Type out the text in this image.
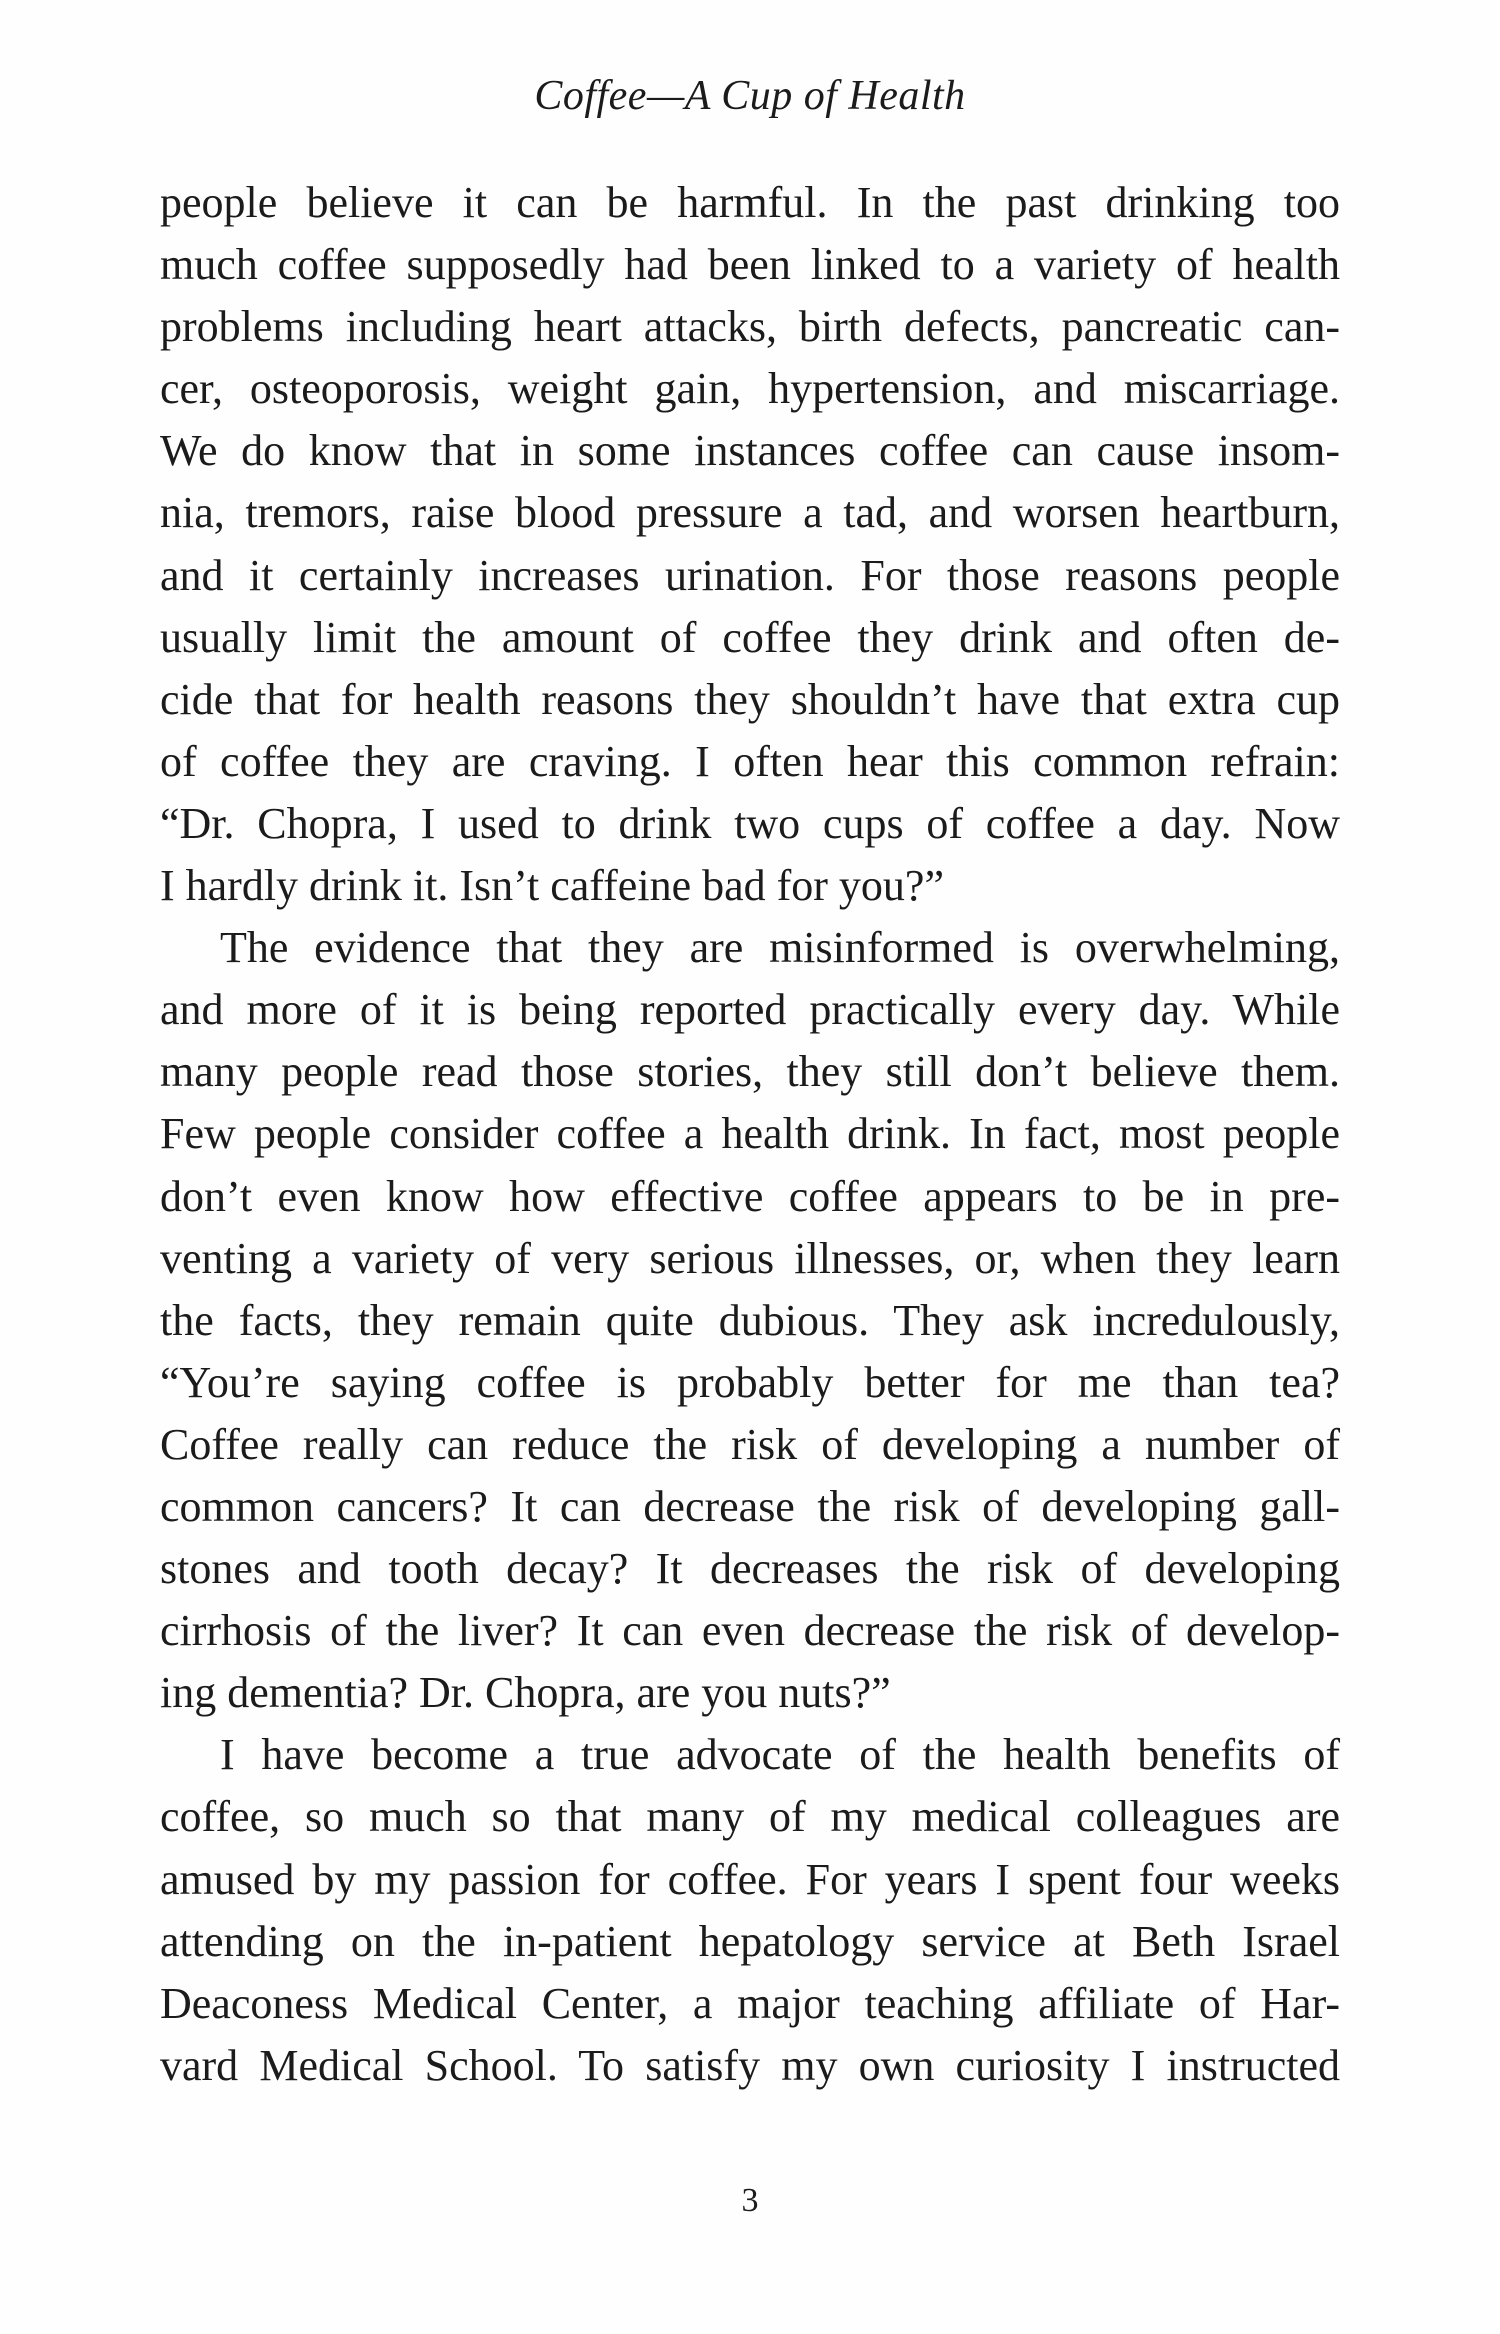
Coffee—A Cup of Health
people believe it can be harmful. In the past drinking too
much coffee supposedly had been linked to a variety of health
problems including heart attacks, birth defects, pancreatic can-
cer, osteoporosis, weight gain, hypertension, and miscarriage.
We do know that in some instances coffee can cause insom-
nia, tremors, raise blood pressure a tad, and worsen heartburn,
and it certainly increases urination. For those reasons people
usually limit the amount of coffee they drink and often de-
cide that for health reasons they shouldn’t have that extra cup
of coffee they are craving. I often hear this common refrain:
“Dr. Chopra, I used to drink two cups of coffee a day. Now
I hardly drink it. Isn’t caffeine bad for you?”
The evidence that they are misinformed is overwhelming,
and more of it is being reported practically every day. While
many people read those stories, they still don’t believe them.
Few people consider coffee a health drink. In fact, most people
don’t even know how effective coffee appears to be in pre-
venting a variety of very serious illnesses, or, when they learn
the facts, they remain quite dubious. They ask incredulously,
“You’re saying coffee is probably better for me than tea?
Coffee really can reduce the risk of developing a number of
common cancers? It can decrease the risk of developing gall-
stones and tooth decay? It decreases the risk of developing
cirrhosis of the liver? It can even decrease the risk of develop-
ing dementia? Dr. Chopra, are you nuts?”
I have become a true advocate of the health benefits of
coffee, so much so that many of my medical colleagues are
amused by my passion for coffee. For years I spent four weeks
attending on the in-patient hepatology service at Beth Israel
Deaconess Medical Center, a major teaching affiliate of Har-
vard Medical School. To satisfy my own curiosity I instructed
3
